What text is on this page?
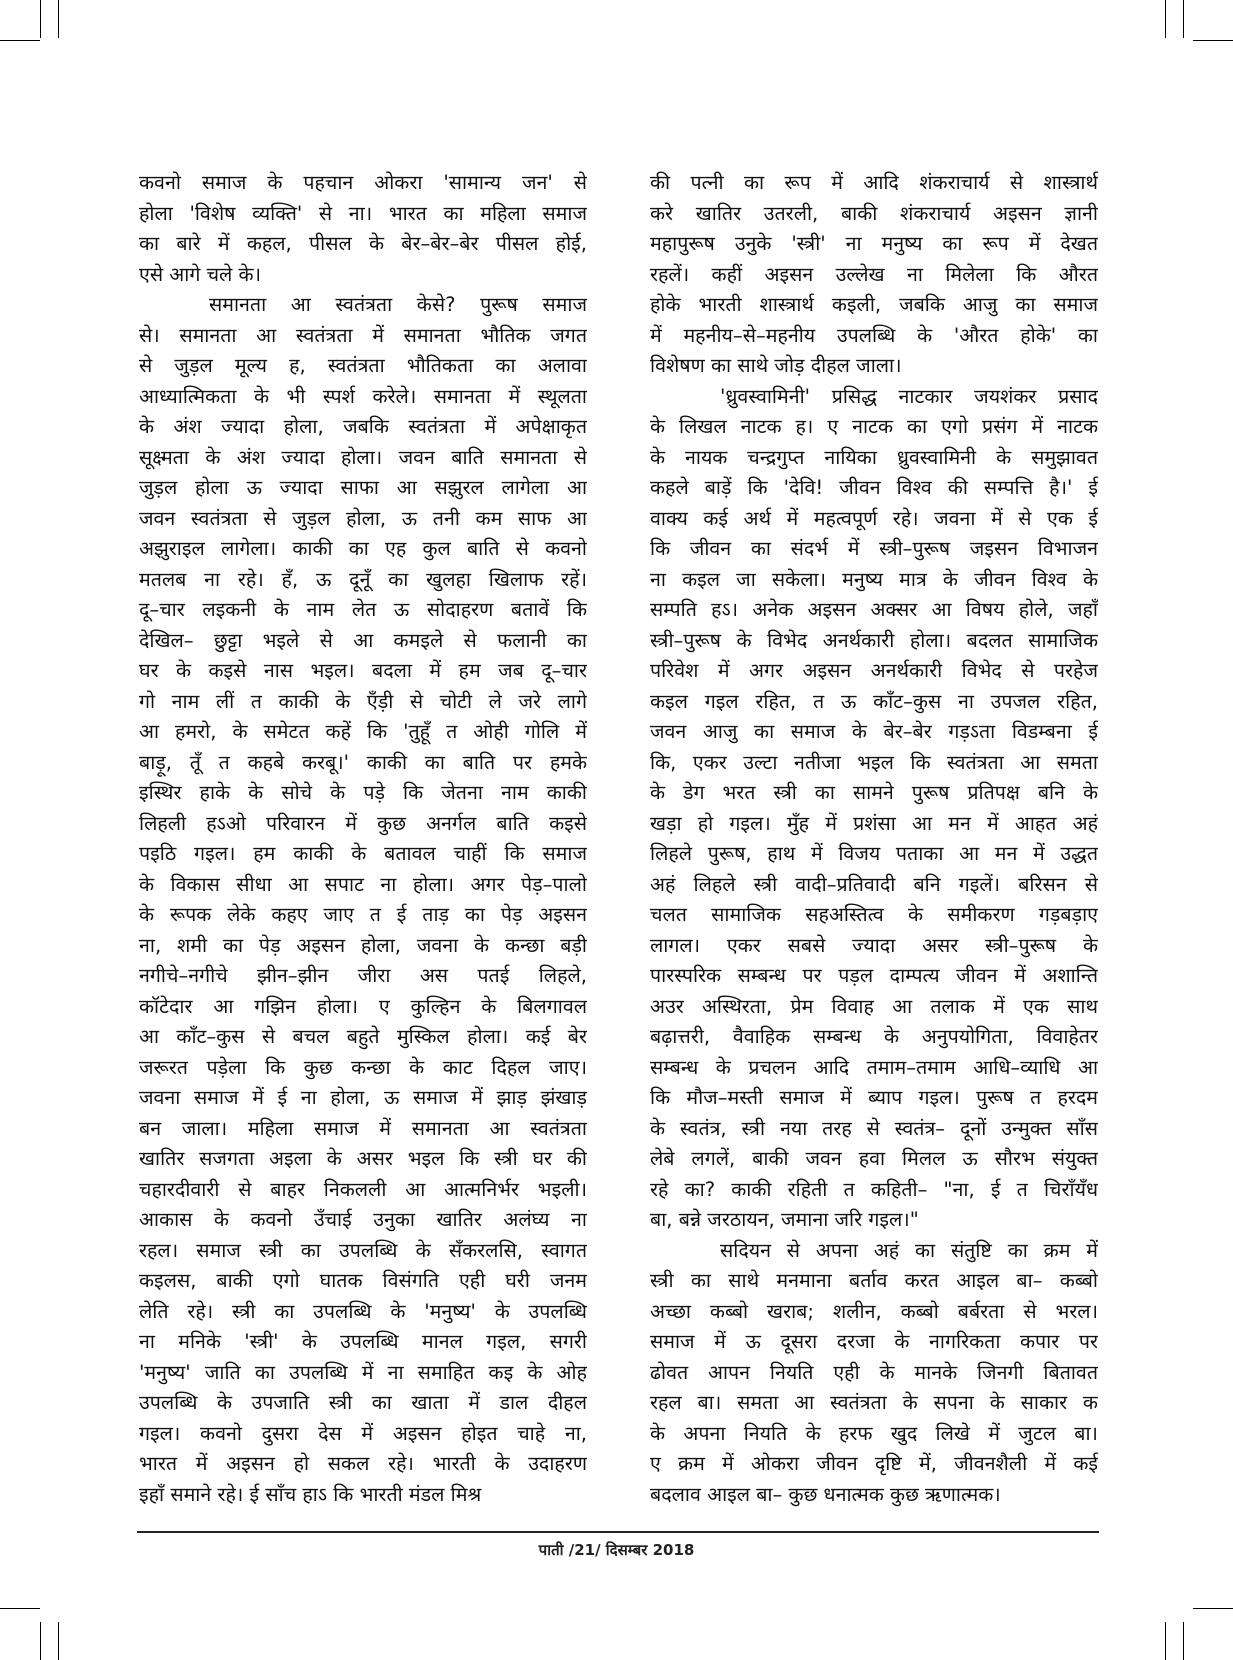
कवनो समाज के पहचान ओकरा 'सामान्य जन' से
होला 'विशेष व्यक्ति' से ना। भारत का महिला समाज
का बारे में कहल, पीसल के बेर–बेर–बेर पीसल होई,
एसे आगे चले के।
समानता आ स्वतंत्रता केसे? पुरूष समाज
से। समानता आ स्वतंत्रता में समानता भौतिक जगत
से जुड़ल मूल्य ह, स्वतंत्रता भौतिकता का अलावा
आध्यात्मिकता के भी स्पर्श करेले। समानता में स्थूलता
के अंश ज्यादा होला, जबकि स्वतंत्रता में अपेक्षाकृत
सूक्ष्मता के अंश ज्यादा होला। जवन बाति समानता से
जुड़ल होला ऊ ज्यादा साफा आ सझुरल लागेला आ
जवन स्वतंत्रता से जुड़ल होला, ऊ तनी कम साफ आ
अझुराइल लागेला। काकी का एह कुल बाति से कवनो
मतलब ना रहे। हँ, ऊ दूनूँ का खुलहा खिलाफ रहें।
दू–चार लइकनी के नाम लेत ऊ सोदाहरण बतावें कि
देखिल– छुट्टा भइले से आ कमइले से फलानी का
घर के कइसे नास भइल। बदला में हम जब दू–चार
गो नाम लीं त काकी के एँड़ी से चोटी ले जरे लागे
आ हमरो, के समेटत कहें कि 'तुहूँ त ओही गोलि में
बाड़ू, तूँ त कहबे करबू।' काकी का बाति पर हमके
इस्थिर हाके के सोचे के पड़े कि जेतना नाम काकी
लिहली हऽओ परिवारन में कुछ अनर्गल बाति कइसे
पइठि गइल। हम काकी के बतावल चाहीं कि समाज
के विकास सीधा आ सपाट ना होला। अगर पेड़–पालो
के रूपक लेके कहए जाए त ई ताड़ का पेड़ अइसन
ना, शमी का पेड़ अइसन होला, जवना के कन्छा बड़ी
नगीचे–नगीचे झीन–झीन जीरा अस पतई लिहले,
कॉटेदार आ गझिन होला। ए कुल्हिन के बिलगावल
आ काँट–कुस से बचल बहुते मुस्किल होला। कई बेर
जरूरत पड़ेला कि कुछ कन्छा के काट दिहल जाए।
जवना समाज में ई ना होला, ऊ समाज में झाड़ झंखाड़
बन जाला। महिला समाज में समानता आ स्वतंत्रता
खातिर सजगता अइला के असर भइल कि स्त्री घर की
चहारदीवारी से बाहर निकलली आ आत्मनिर्भर भइली।
आकास के कवनो उँचाई उनुका खातिर अलंघ्य ना
रहल। समाज स्त्री का उपलब्धि के सँकरलसि, स्वागत
कइलस, बाकी एगो घातक विसंगति एही घरी जनम
लेति रहे। स्त्री का उपलब्धि के 'मनुष्य' के उपलब्धि
ना मनिके 'स्त्री' के उपलब्धि मानल गइल, सगरी
'मनुष्य' जाति का उपलब्धि में ना समाहित कइ के ओह
उपलब्धि के उपजाति स्त्री का खाता में डाल दीहल
गइल। कवनो दुसरा देस में अइसन होइत चाहे ना,
भारत में अइसन हो सकल रहे। भारती के उदाहरण
इहाँ समाने रहे। ई साँच हाऽ कि भारती मंडल मिश्र
की पत्नी का रूप में आदि शंकराचार्य से शास्त्रार्थ
करे खातिर उतरली, बाकी शंकराचार्य अइसन ज्ञानी
महापुरूष उनुके 'स्त्री' ना मनुष्य का रूप में देखत
रहलें। कहीं अइसन उल्लेख ना मिलेला कि औरत
होके भारती शास्त्रार्थ कइली, जबकि आजु का समाज
में महनीय–से–महनीय उपलब्धि के 'औरत होके' का
विशेषण का साथे जोड़ दीहल जाला।
'ध्रुवस्वामिनी' प्रसिद्ध नाटकार जयशंकर प्रसाद
के लिखल नाटक ह। ए नाटक का एगो प्रसंग में नाटक
के नायक चन्द्रगुप्त नायिका ध्रुवस्वामिनी के समुझावत
कहले बाड़ें कि 'देवि! जीवन विश्व की सम्पत्ति है।' ई
वाक्य कई अर्थ में महत्वपूर्ण रहे। जवना में से एक ई
कि जीवन का संदर्भ में स्त्री–पुरूष जइसन विभाजन
ना कइल जा सकेला। मनुष्य मात्र के जीवन विश्व के
सम्पति हऽ। अनेक अइसन अक्सर आ विषय होले, जहाँ
स्त्री–पुरूष के विभेद अनर्थकारी होला। बदलत सामाजिक
परिवेश में अगर अइसन अनर्थकारी विभेद से परहेज
कइल गइल रहित, त ऊ काँट–कुस ना उपजल रहित,
जवन आजु का समाज के बेर–बेर गड़ऽता विडम्बना ई
कि, एकर उल्टा नतीजा भइल कि स्वतंत्रता आ समता
के डेग भरत स्त्री का सामने पुरूष प्रतिपक्ष बनि के
खड़ा हो गइल। मुँह में प्रशंसा आ मन में आहत अहं
लिहले पुरूष, हाथ में विजय पताका आ मन में उद्धत
अहं लिहले स्त्री वादी–प्रतिवादी बनि गइलें। बरिसन से
चलत सामाजिक सहअस्तित्व के समीकरण गड़बड़ाए
लागल। एकर सबसे ज्यादा असर स्त्री–पुरूष के
पारस्परिक सम्बन्ध पर पड़ल दाम्पत्य जीवन में अशान्ति
अउर अस्थिरता, प्रेम विवाह आ तलाक में एक साथ
बढ़ात्तरी, वैवाहिक सम्बन्ध के अनुपयोगिता, विवाहेतर
सम्बन्ध के प्रचलन आदि तमाम–तमाम आधि–व्याधि आ
कि मौज–मस्ती समाज में ब्याप गइल। पुरूष त हरदम
के स्वतंत्र, स्त्री नया तरह से स्वतंत्र– दूनों उन्मुक्त साँस
लेबे लगलें, बाकी जवन हवा मिलल ऊ सौरभ संयुक्त
रहे का? काकी रहिती त कहिती– "ना, ई त चिराँयँध
बा, बन्ने जरठायन, जमाना जरि गइल।"
सदियन से अपना अहं का संतुष्टि का क्रम में
स्त्री का साथे मनमाना बर्ताव करत आइल बा– कब्बो
अच्छा कब्बो खराब; शलीन, कब्बो बर्बरता से भरल।
समाज में ऊ दूसरा दरजा के नागरिकता कपार पर
ढोवत आपन नियति एही के मानके जिनगी बितावत
रहल बा। समता आ स्वतंत्रता के सपना के साकार क
के अपना नियति के हरफ खुद लिखे में जुटल बा।
ए क्रम में ओकरा जीवन दृष्टि में, जीवनशैली में कई
बदलाव आइल बा– कुछ धनात्मक कुछ ऋणात्मक।
पाती /21/ दिसम्बर 2018
